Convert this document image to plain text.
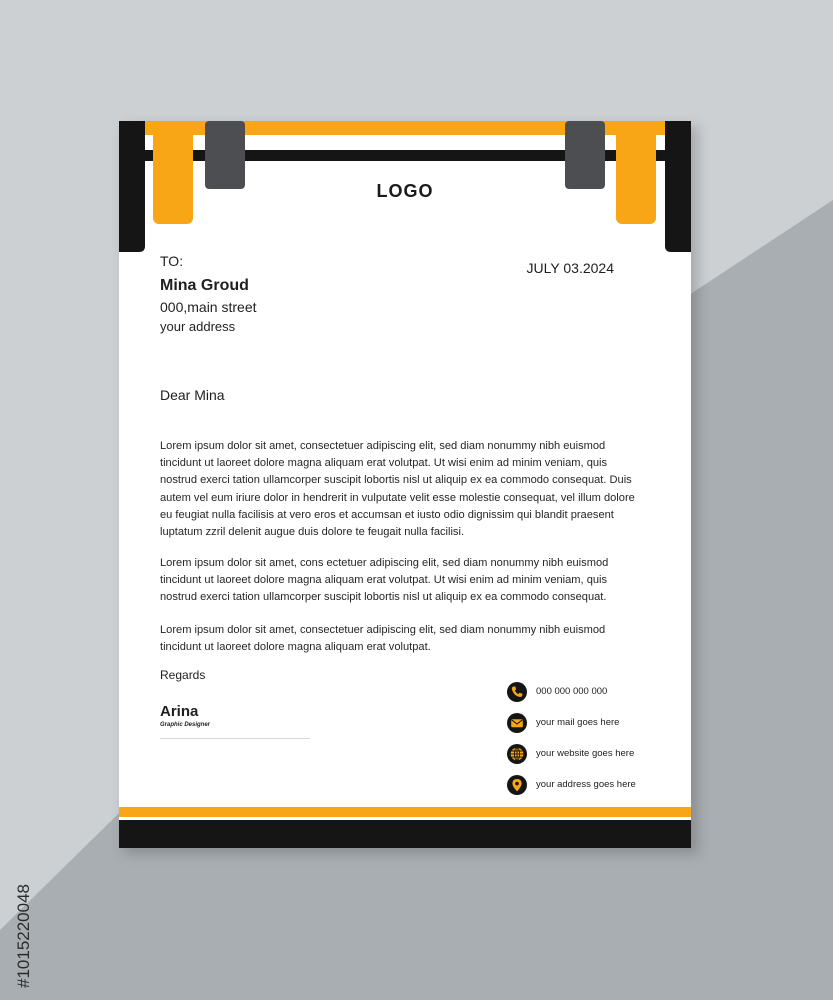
LOGO

TO:	JULY 03.2024

Mina Groud

000,main street

your address

Dear Mina

Lorem ipsum dolor sit amet, consectetuer adipiscing elit, sed diam nonummy nibh euismod tincidunt ut laoreet dolore magna aliquam erat volutpat. Ut wisi enim ad minim veniam, quis nostrud exerci tation ullamcorper suscipit lobortis nisl ut aliquip ex ea commodo consequat. Duis autem vel eum iriure dolor in hendrerit in vulputate velit esse molestie consequat, vel illum dolore eu feugiat nulla facilisis at vero eros et accumsan et iusto odio dignissim qui blandit praesent luptatum zzril delenit augue duis dolore te feugait nulla facilisi.

Lorem ipsum dolor sit amet, cons ectetuer adipiscing elit, sed diam nonummy nibh euismod tincidunt ut laoreet dolore magna aliquam erat volutpat. Ut wisi enim ad minim veniam, quis nostrud exerci tation ullamcorper suscipit lobortis nisl ut aliquip ex ea commodo consequat.

Lorem ipsum dolor sit amet, consectetuer adipiscing elit, sed diam nonummy nibh euismod tincidunt ut laoreet dolore magna aliquam erat volutpat.

Regards

Arina

Graphic Designer

000 000 000 000
your mail goes here
your website goes here
your address goes here
#1015220048
